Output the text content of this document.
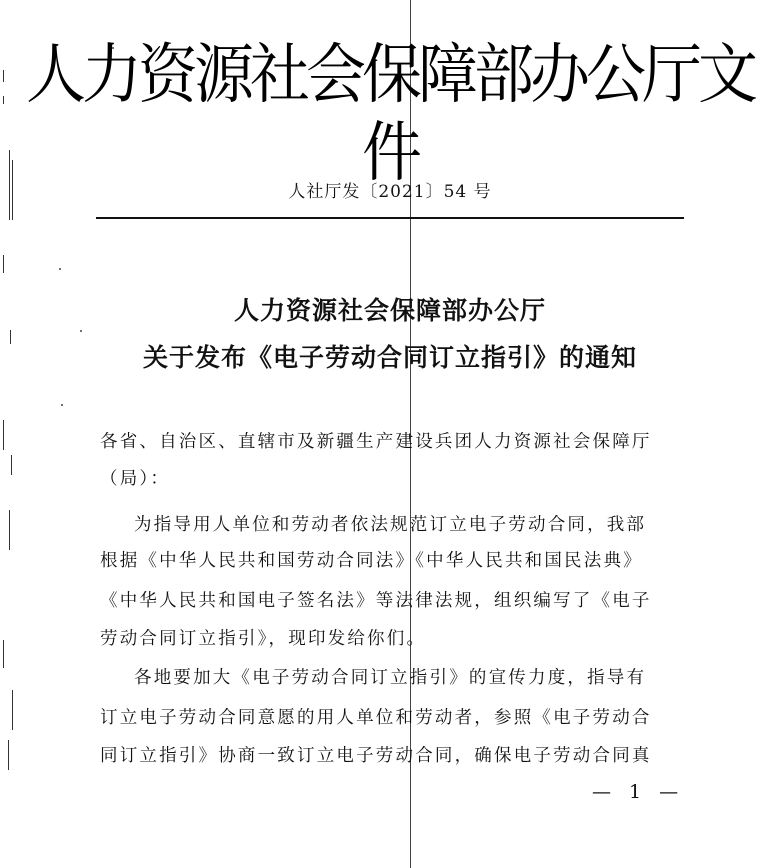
人力资源社会保障部办公厅文件
人社厅发〔2021〕54 号
人力资源社会保障部办公厅
关于发布《电子劳动合同订立指引》的通知
各省、自治区、直辖市及新疆生产建设兵团人力资源社会保障厅
（局）：
为指导用人单位和劳动者依法规范订立电子劳动合同，我部
根据《中华人民共和国劳动合同法》《中华人民共和国民法典》
《中华人民共和国电子签名法》等法律法规，组织编写了《电子
劳动合同订立指引》，现印发给你们。
各地要加大《电子劳动合同订立指引》的宣传力度，指导有
订立电子劳动合同意愿的用人单位和劳动者，参照《电子劳动合
同订立指引》协商一致订立电子劳动合同，确保电子劳动合同真
— 1 —
